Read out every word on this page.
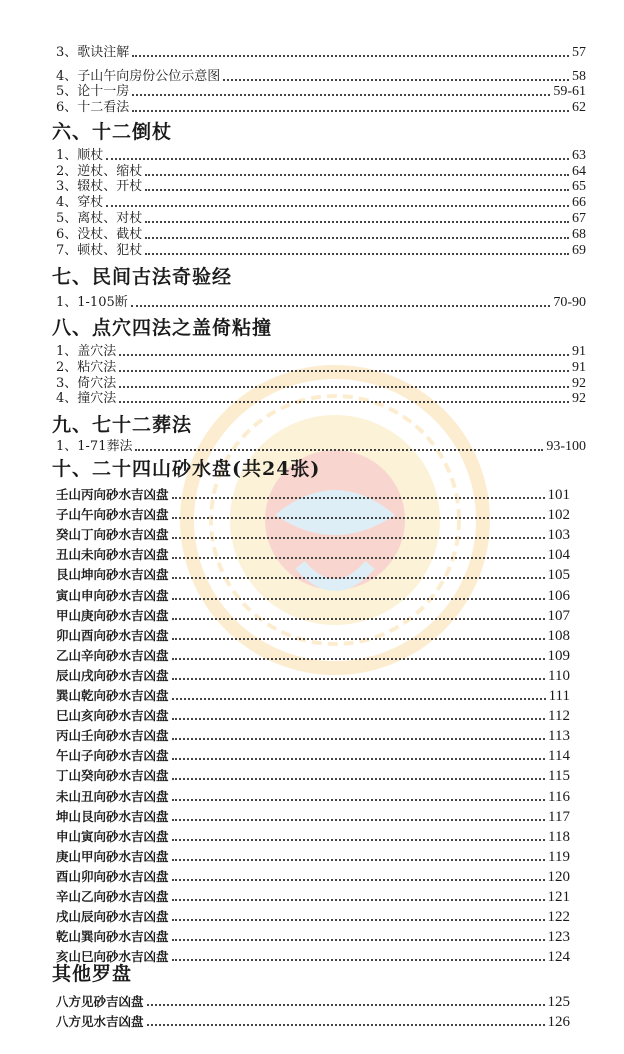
六、十二倒杖
七、民间古法奇验经
八、点穴四法之盖倚粘撞
九、七十二葬法
十、二十四山砂水盘(共24张)
其他罗盘
3、歌诀注解	57
4、子山午向房份公位示意图	58
5、论十一房	59-61
6、十二看法	62
1、顺杖	63
2、逆杖、缩杖	64
3、辍杖、开杖	65
4、穿杖	66
5、离杖、对杖	67
6、没杖、截杖	68
7、顿杖、犯杖	69
1、1-105断	70-90
1、盖穴法	91
2、粘穴法	91
3、倚穴法	92
4、撞穴法	92
1、1-71葬法	93-100
壬山丙向砂水吉凶盘	101
子山午向砂水吉凶盘	102
癸山丁向砂水吉凶盘	103
丑山未向砂水吉凶盘	104
艮山坤向砂水吉凶盘	105
寅山申向砂水吉凶盘	106
甲山庚向砂水吉凶盘	107
卯山酉向砂水吉凶盘	108
乙山辛向砂水吉凶盘	109
辰山戌向砂水吉凶盘	110
巽山乾向砂水吉凶盘	111
巳山亥向砂水吉凶盘	112
丙山壬向砂水吉凶盘	113
午山子向砂水吉凶盘	114
丁山癸向砂水吉凶盘	115
未山丑向砂水吉凶盘	116
坤山艮向砂水吉凶盘	117
申山寅向砂水吉凶盘	118
庚山甲向砂水吉凶盘	119
酉山卯向砂水吉凶盘	120
辛山乙向砂水吉凶盘	121
戌山辰向砂水吉凶盘	122
乾山巽向砂水吉凶盘	123
亥山巳向砂水吉凶盘	124
八方见砂吉凶盘	125
八方见水吉凶盘	126
